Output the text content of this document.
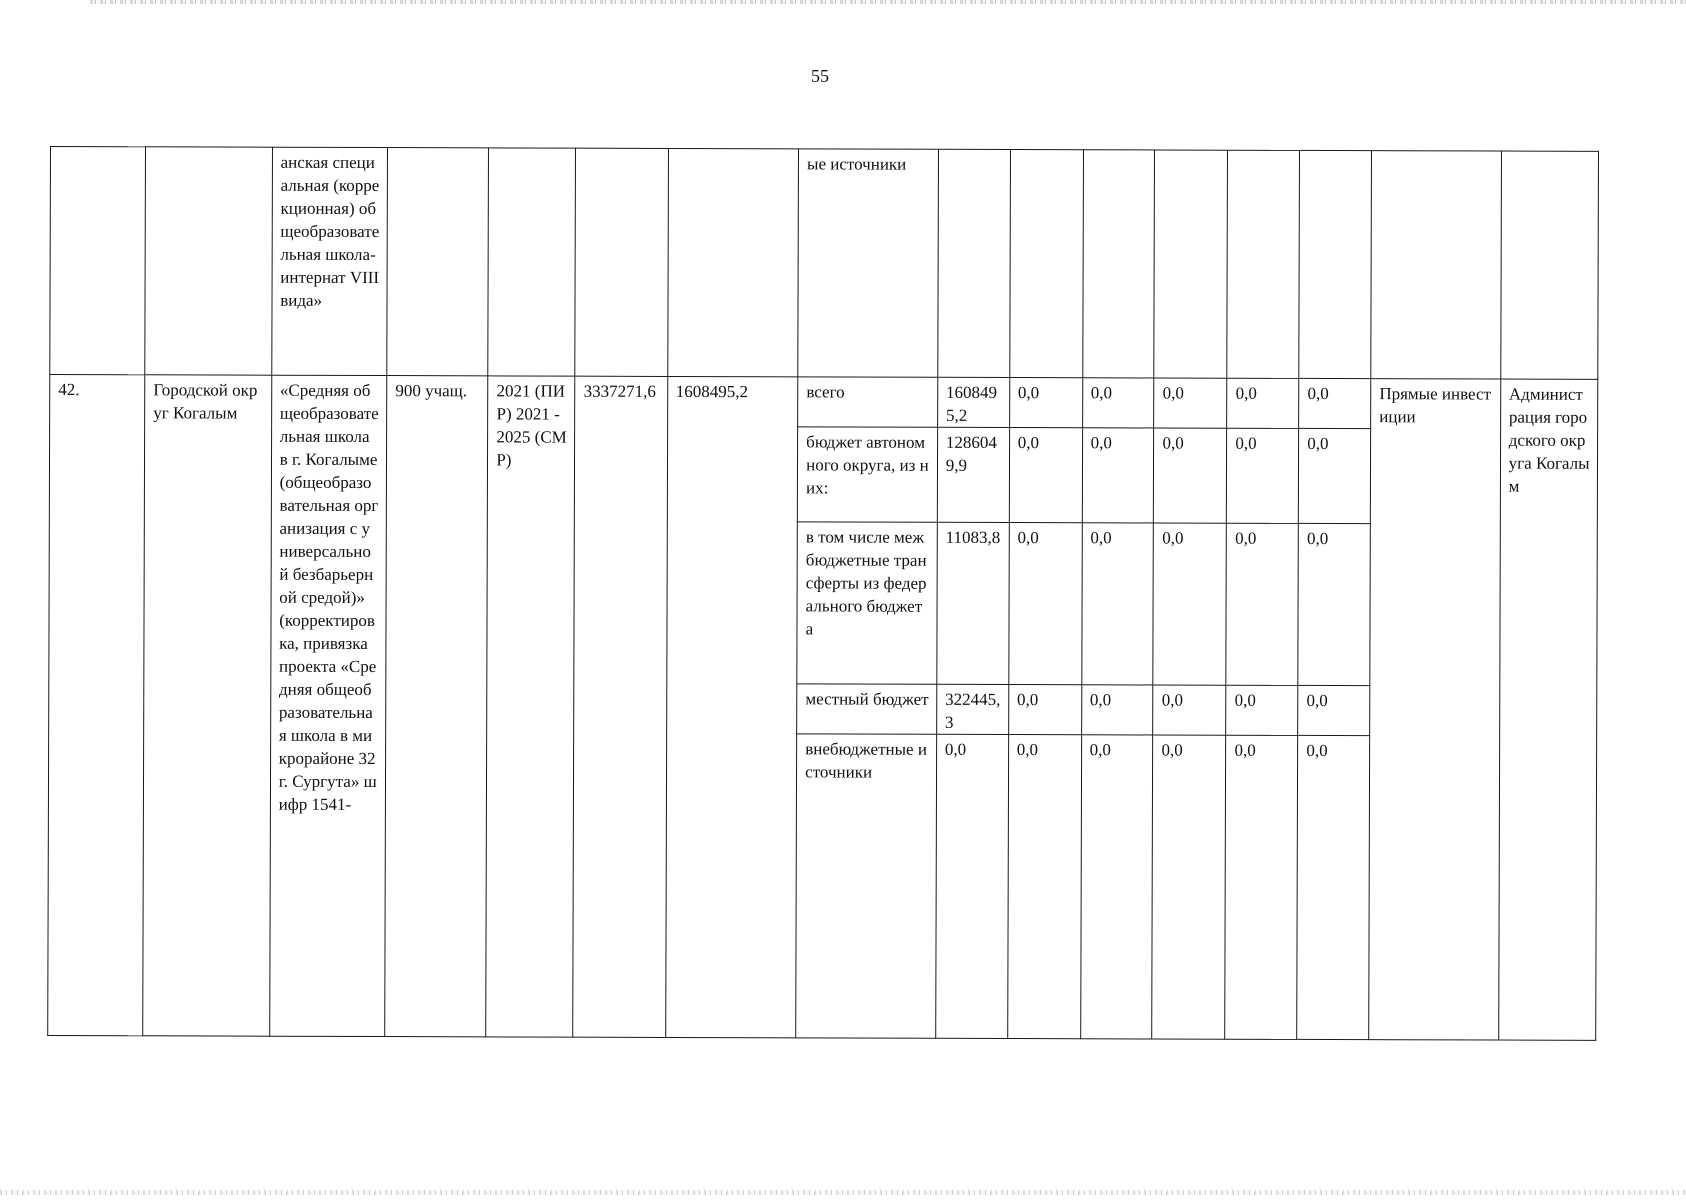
55
		анская специальная (коррекционная) общеобразовательная школа-интернат VIII вида»					ые источники								
42.	Городской округ Когалым	«Средняя общеобразовательная школа в г. Когалыме (общеобразовательная организация с универсальной безбарьерной средой)» (корректировка, привязка проекта «Средняя общеобразовательная школа в микрорайоне 32 г. Сургута» шифр 1541-	900 учащ.	2021 (ПИР) 2021 - 2025 (СМР)	3337271,6	1608495,2	всего	1608495,2	0,0	0,0	0,0	0,0	0,0	Прямые инвестиции	Администрация городского округа Когалым
							бюджет автономного округа, из них:	1286049,9	0,0	0,0	0,0	0,0	0,0		
							в том числе межбюджетные трансферты из федерального бюджета	11083,8	0,0	0,0	0,0	0,0	0,0		
							местный бюджет	322445,3	0,0	0,0	0,0	0,0	0,0		
							внебюджетные источники	0,0	0,0	0,0	0,0	0,0	0,0		
